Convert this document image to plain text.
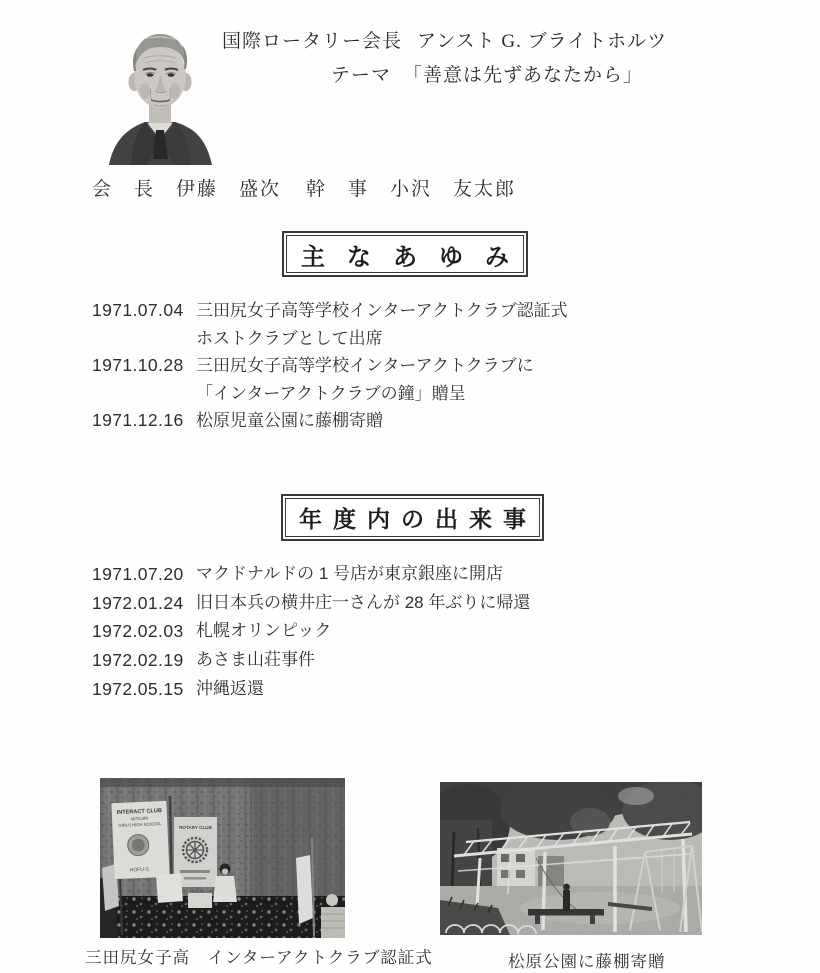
国際ロータリー会長 アンスト G. ブライトホルツ
テーマ 「善意は先ずあなたから」
会　長　 伊藤　盛次 幹　事　 小沢　友太郎
主なあゆみ
1971.07.04 三田尻女子高等学校インターアクトクラブ認証式
ホストクラブとして出席
1971.10.28 三田尻女子高等学校インターアクトクラブに
「インターアクトクラブの鐘」贈呈
1971.12.16 松原児童公園に藤棚寄贈
年度内の出来事
1971.07.20 マクドナルドの 1 号店が東京銀座に開店
1972.01.24 旧日本兵の横井庄一さんが 28 年ぶりに帰還
1972.02.03 札幌オリンピック
1972.02.19 あさま山荘事件
1972.05.15 沖縄返還
INTERACT CLUB
MITAJIRI
GIRLS HIGH SCHOOL
HOFU-S
ROTARY CLUB
三田尻女子高　インターアクトクラブ認証式	松原公園に藤棚寄贈
